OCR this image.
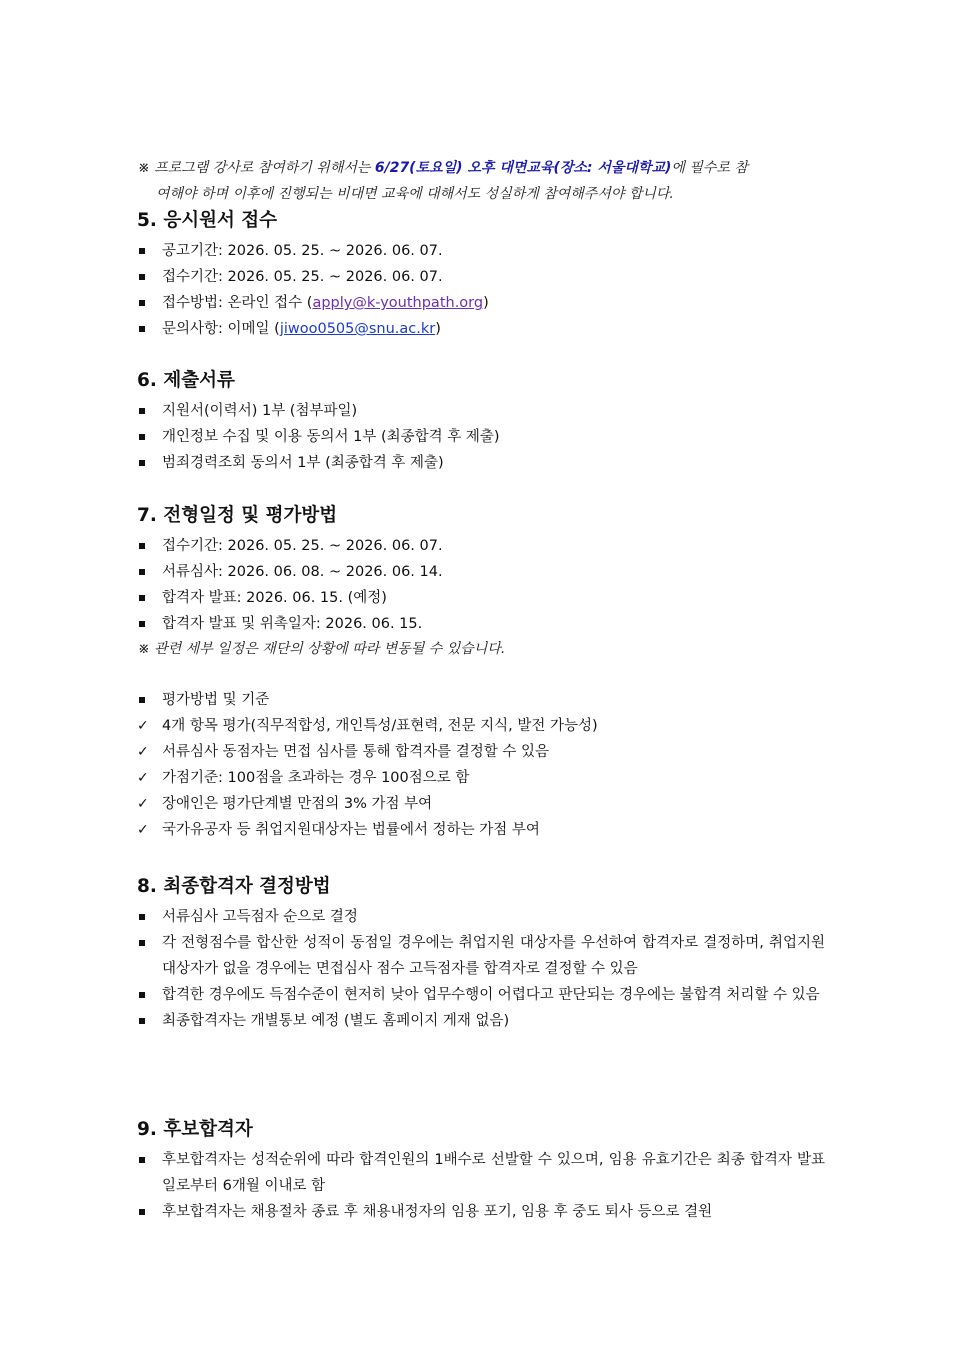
※ 프로그램 강사로 참여하기 위해서는 6/27(토요일) 오후 대면교육(장소: 서울대학교)에 필수로 참
여해야 하며 이후에 진행되는 비대면 교육에 대해서도 성실하게 참여해주셔야 합니다.
5. 응시원서 접수
공고기간: 2026. 05. 25. ~ 2026. 06. 07.
접수기간: 2026. 05. 25. ~ 2026. 06. 07.
접수방법: 온라인 접수 (apply@k-youthpath.org)
문의사항: 이메일 (jiwoo0505@snu.ac.kr)
6. 제출서류
지원서(이력서) 1부 (첨부파일)
개인정보 수집 및 이용 동의서 1부 (최종합격 후 제출)
범죄경력조회 동의서 1부 (최종합격 후 제출)
7. 전형일정 및 평가방법
접수기간: 2026. 05. 25. ~ 2026. 06. 07.
서류심사: 2026. 06. 08. ~ 2026. 06. 14.
합격자 발표: 2026. 06. 15. (예정)
합격자 발표 및 위촉일자: 2026. 06. 15.
※ 관련 세부 일정은 재단의 상황에 따라 변동될 수 있습니다.
평가방법 및 기준
✓ 4개 항목 평가(직무적합성, 개인특성/표현력, 전문 지식, 발전 가능성)
✓ 서류심사 동점자는 면접 심사를 통해 합격자를 결정할 수 있음
✓ 가점기준: 100점을 초과하는 경우 100점으로 함
✓ 장애인은 평가단계별 만점의 3% 가점 부여
✓ 국가유공자 등 취업지원대상자는 법률에서 정하는 가점 부여
8. 최종합격자 결정방법
서류심사 고득점자 순으로 결정
각 전형점수를 합산한 성적이 동점일 경우에는 취업지원 대상자를 우선하여 합격자로 결정하며, 취업지원 대상자가 없을 경우에는 면접심사 점수 고득점자를 합격자로 결정할 수 있음
합격한 경우에도 득점수준이 현저히 낮아 업무수행이 어렵다고 판단되는 경우에는 불합격 처리할 수 있음
최종합격자는 개별통보 예정 (별도 홈페이지 게재 없음)
9. 후보합격자
후보합격자는 성적순위에 따라 합격인원의 1배수로 선발할 수 있으며, 임용 유효기간은 최종 합격자 발표일로부터 6개월 이내로 함
후보합격자는 채용절차 종료 후 채용내정자의 임용 포기, 임용 후 중도 퇴사 등으로 결원
